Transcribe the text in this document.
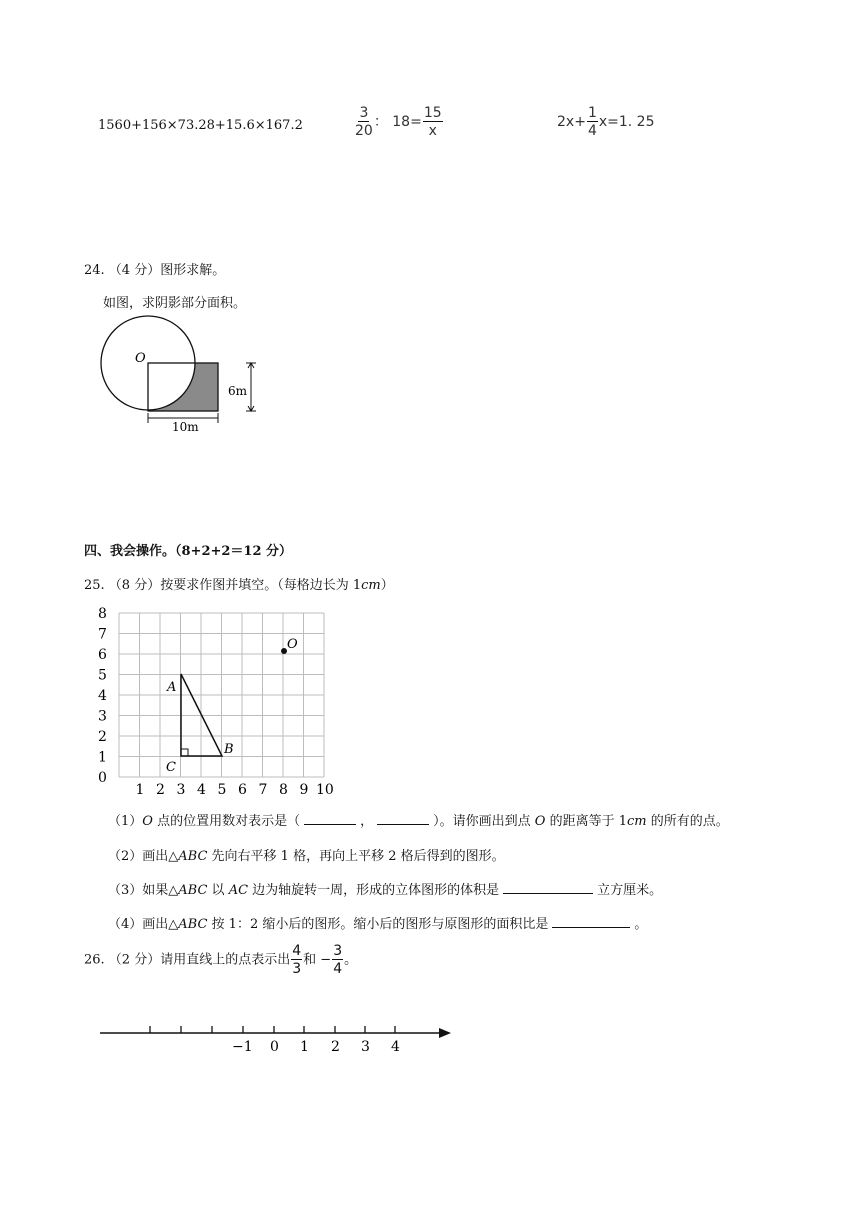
1560+156×73.28+15.6×167.2	$\frac{3}{20}$ ： $18= \frac{15}{x}$	$2x+ \frac{1}{4} x=1$. 25
24. （4 分）图形求解。
如图，求阴影部分面积。
O
6m
10m
四、我会操作。（8+2+2＝12 分）
25. （8 分）按要求作图并填空。（每格边长为 1cm）
0
1
2
3
4
5
6
7
8
1 2 3 4 5 6 7 8 9 10
A
B
C
O
（1）O 点的位置用数对表示是（	，	）。请你画出到点 O 的距离等于 1cm 的所有的点。
（2）画出△ABC 先向右平移 1 格，再向上平移 2 格后得到的图形。
（3）如果△ABC 以 AC 边为轴旋转一周，形成的立体图形的体积是	立方厘米。
（4）画出△ABC 按 1：2 缩小后的图形。缩小后的图形与原图形的面积比是	。
26. （2 分）请用直线上的点表示出 $\frac{4}{3}$ 和 − $\frac{3}{4}$ 。
−1 0 1 2 3 4
